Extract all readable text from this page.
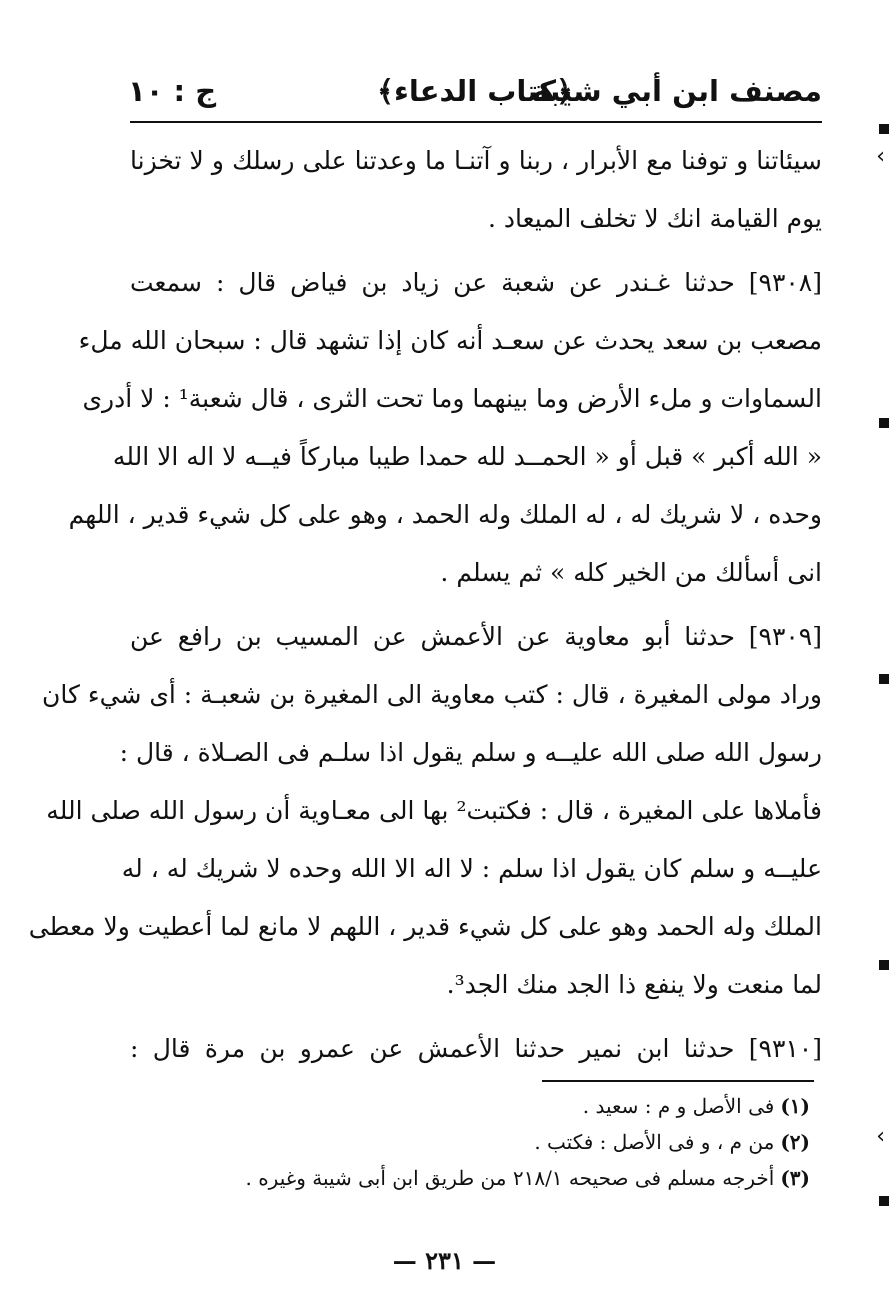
مصنف ابن أبي شيبة
﴿كتاب الدعاء﴾
ج : ١٠
سيئاتنا و توفنا مع الأبرار ، ربنا و آتنـا ما وعدتنا على رسلك و لا تخزنا
يوم القيامة انك لا تخلف الميعاد .
[٩٣٠٨] حدثنا غـندر عن شعبة عن زياد بن فياض قال : سمعت
مصعب بن سعد يحدث عن سعـد أنه كان إذا تشهد قال : سبحان الله ملء
السماوات و ملء الأرض وما بينهما وما تحت الثرى ، قال شعبة¹ : لا أدرى
« الله أكبر » قبل أو « الحمــد لله حمدا طيبا مباركاً فيــه لا اله الا الله
وحده ، لا شريك له ، له الملك وله الحمد ، وهو على كل شيء قدير ، اللهم
انى أسألك من الخير كله » ثم يسلم .
[٩٣٠٩] حدثنا أبو معاوية عن الأعمش عن المسيب بن رافع عن
وراد مولى المغيرة ، قال : كتب معاوية الى المغيرة بن شعبـة : أى شيء كان
رسول الله صلى الله عليــه و سلم يقول اذا سلـم فى الصـلاة ، قال :
فأملاها على المغيرة ، قال : فكتبت² بها الى معـاوية أن رسول الله صلى الله
عليــه و سلم كان يقول اذا سلم : لا اله الا الله وحده لا شريك له ، له
الملك وله الحمد وهو على كل شيء قدير ، اللهم لا مانع لما أعطيت ولا معطى
لما منعت ولا ينفع ذا الجد منك الجد³.
[٩٣١٠] حدثنا ابن نمير حدثنا الأعمش عن عمرو بن مرة قال :
(١)فى الأصل و م : سعيد .
(٢)من م ، و فى الأصل : فكتب .
(٣)أخرجه مسلم فى صحيحه ٢١٨/١ من طريق ابن أبى شيبة وغيره .
— ٢٣١ —
‹
‹
